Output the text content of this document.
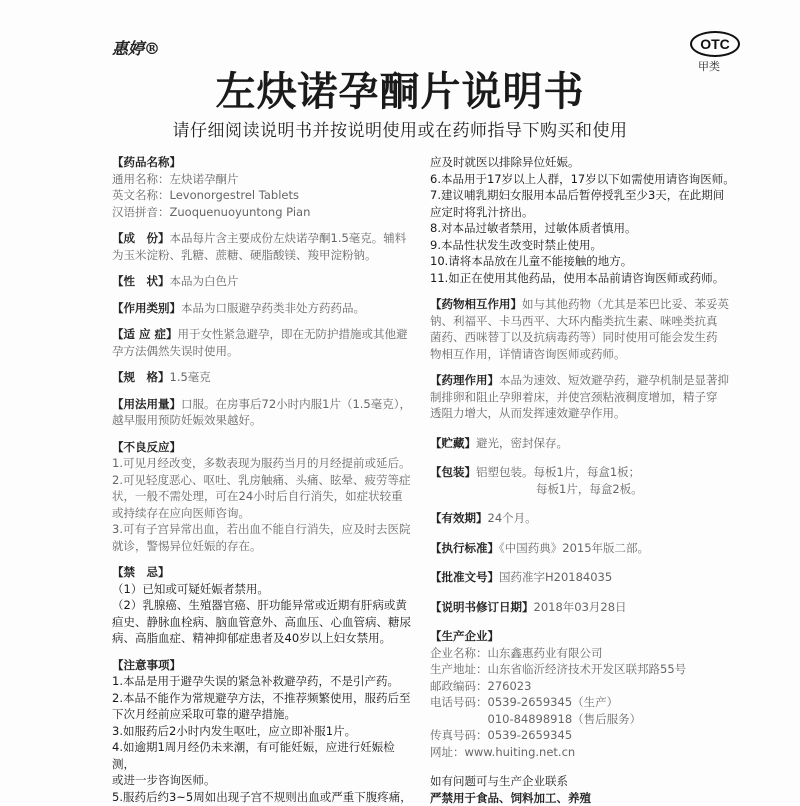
惠婷®	OTC
甲类
左炔诺孕酮片说明书
请仔细阅读说明书并按说明使用或在药师指导下购买和使用
【药品名称】
通用名称：左炔诺孕酮片
英文名称：Levonorgestrel Tablets
汉语拼音：Zuoquenuoyuntong Pian
【成　份】本品每片含主要成份左炔诺孕酮1.5毫克。辅料
为玉米淀粉、乳糖、蔗糖、硬脂酸镁、羧甲淀粉钠。
【性　状】本品为白色片
【作用类别】本品为口服避孕药类非处方药药品。
【适 应 症】用于女性紧急避孕，即在无防护措施或其他避
孕方法偶然失误时使用。
【规　格】1.5毫克
【用法用量】口服。在房事后72小时内服1片（1.5毫克），
越早服用预防妊娠效果越好。
【不良反应】
1.可见月经改变，多数表现为服药当月的月经提前或延后。
2.可见轻度恶心、呕吐、乳房触痛、头痛、眩晕、疲劳等症
状，一般不需处理，可在24小时后自行消失，如症状较重
或持续存在应向医师咨询。
3.可有子宫异常出血，若出血不能自行消失，应及时去医院
就诊，警惕异位妊娠的存在。
【禁　忌】
（1）已知或可疑妊娠者禁用。
（2）乳腺癌、生殖器官癌、肝功能异常或近期有肝病或黄
疸史、静脉血栓病、脑血管意外、高血压、心血管病、糖尿
病、高脂血症、精神抑郁症患者及40岁以上妇女禁用。
【注意事项】
1.本品是用于避孕失误的紧急补救避孕药，不是引产药。
2.本品不能作为常规避孕方法，不推荐频繁使用，服药后至
下次月经前应采取可靠的避孕措施。
3.如服药后2小时内发生呕吐，应立即补服1片。
4.如逾期1周月经仍未来潮，有可能妊娠，应进行妊娠检测，
或进一步咨询医师。
5.服药后约3~5周如出现子宫不规则出血或严重下腹疼痛，
应及时就医以排除异位妊娠。
6.本品用于17岁以上人群，17岁以下如需使用请咨询医师。
7.建议哺乳期妇女服用本品后暂停授乳至少3天，在此期间
应定时将乳汁挤出。
8.对本品过敏者禁用，过敏体质者慎用。
9.本品性状发生改变时禁止使用。
10.请将本品放在儿童不能接触的地方。
11.如正在使用其他药品，使用本品前请咨询医师或药师。
【药物相互作用】如与其他药物（尤其是苯巴比妥、苯妥英
钠、利福平、卡马西平、大环内酯类抗生素、咪唑类抗真
菌药、西咪替丁以及抗病毒药等）同时使用可能会发生药
物相互作用，详情请咨询医师或药师。
【药理作用】本品为速效、短效避孕药，避孕机制是显著抑
制排卵和阻止孕卵着床，并使宫颈粘液稠度增加，精子穿
透阻力增大，从而发挥速效避孕作用。
【贮藏】避光，密封保存。
【包装】铝塑包装。每板1片，每盒1板；
每板1片，每盒2板。
【有效期】24个月。
【执行标准】《中国药典》2015年版二部。
【批准文号】国药准字H20184035
【说明书修订日期】2018年03月28日
【生产企业】
企业名称：山东鑫惠药业有限公司
生产地址：山东省临沂经济技术开发区联邦路55号
邮政编码：276023
电话号码：0539-2659345（生产）
　　　　　010-84898918（售后服务）
传真号码：0539-2659345
网址：www.huiting.net.cn
如有问题可与生产企业联系
严禁用于食品、饲料加工、养殖
